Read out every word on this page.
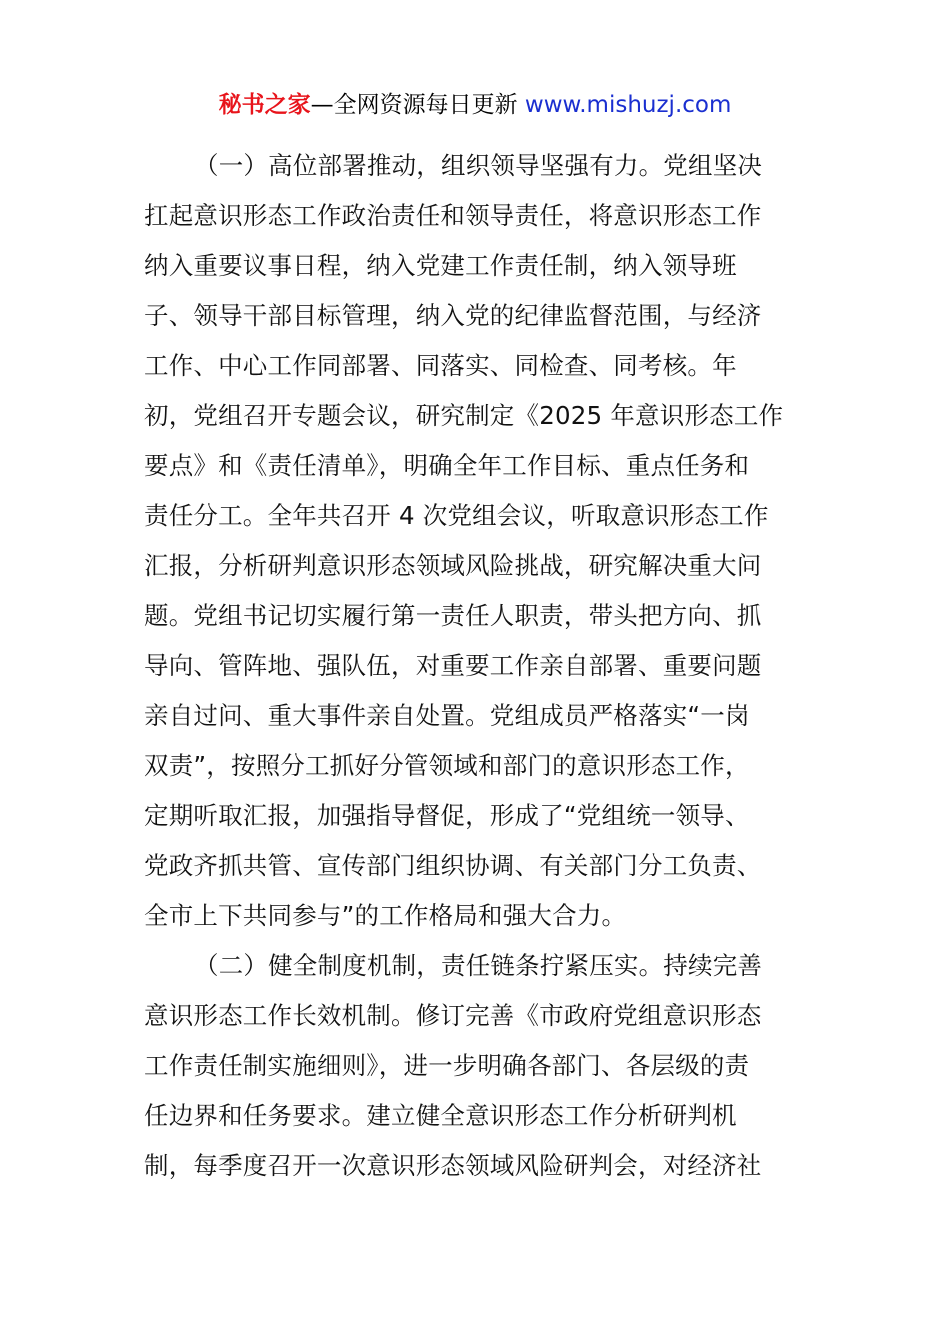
秘书之家—全网资源每日更新 www.mishuzj.com
（一）高位部署推动，组织领导坚强有力。党组坚决
扛起意识形态工作政治责任和领导责任，将意识形态工作
纳入重要议事日程，纳入党建工作责任制，纳入领导班
子、领导干部目标管理，纳入党的纪律监督范围，与经济
工作、中心工作同部署、同落实、同检查、同考核。年
初，党组召开专题会议，研究制定《2025 年意识形态工作
要点》和《责任清单》，明确全年工作目标、重点任务和
责任分工。全年共召开 4 次党组会议，听取意识形态工作
汇报，分析研判意识形态领域风险挑战，研究解决重大问
题。党组书记切实履行第一责任人职责，带头把方向、抓
导向、管阵地、强队伍，对重要工作亲自部署、重要问题
亲自过问、重大事件亲自处置。党组成员严格落实“一岗
双责”，按照分工抓好分管领域和部门的意识形态工作，
定期听取汇报，加强指导督促，形成了“党组统一领导、
党政齐抓共管、宣传部门组织协调、有关部门分工负责、
全市上下共同参与”的工作格局和强大合力。
（二）健全制度机制，责任链条拧紧压实。持续完善
意识形态工作长效机制。修订完善《市政府党组意识形态
工作责任制实施细则》，进一步明确各部门、各层级的责
任边界和任务要求。建立健全意识形态工作分析研判机
制，每季度召开一次意识形态领域风险研判会，对经济社
